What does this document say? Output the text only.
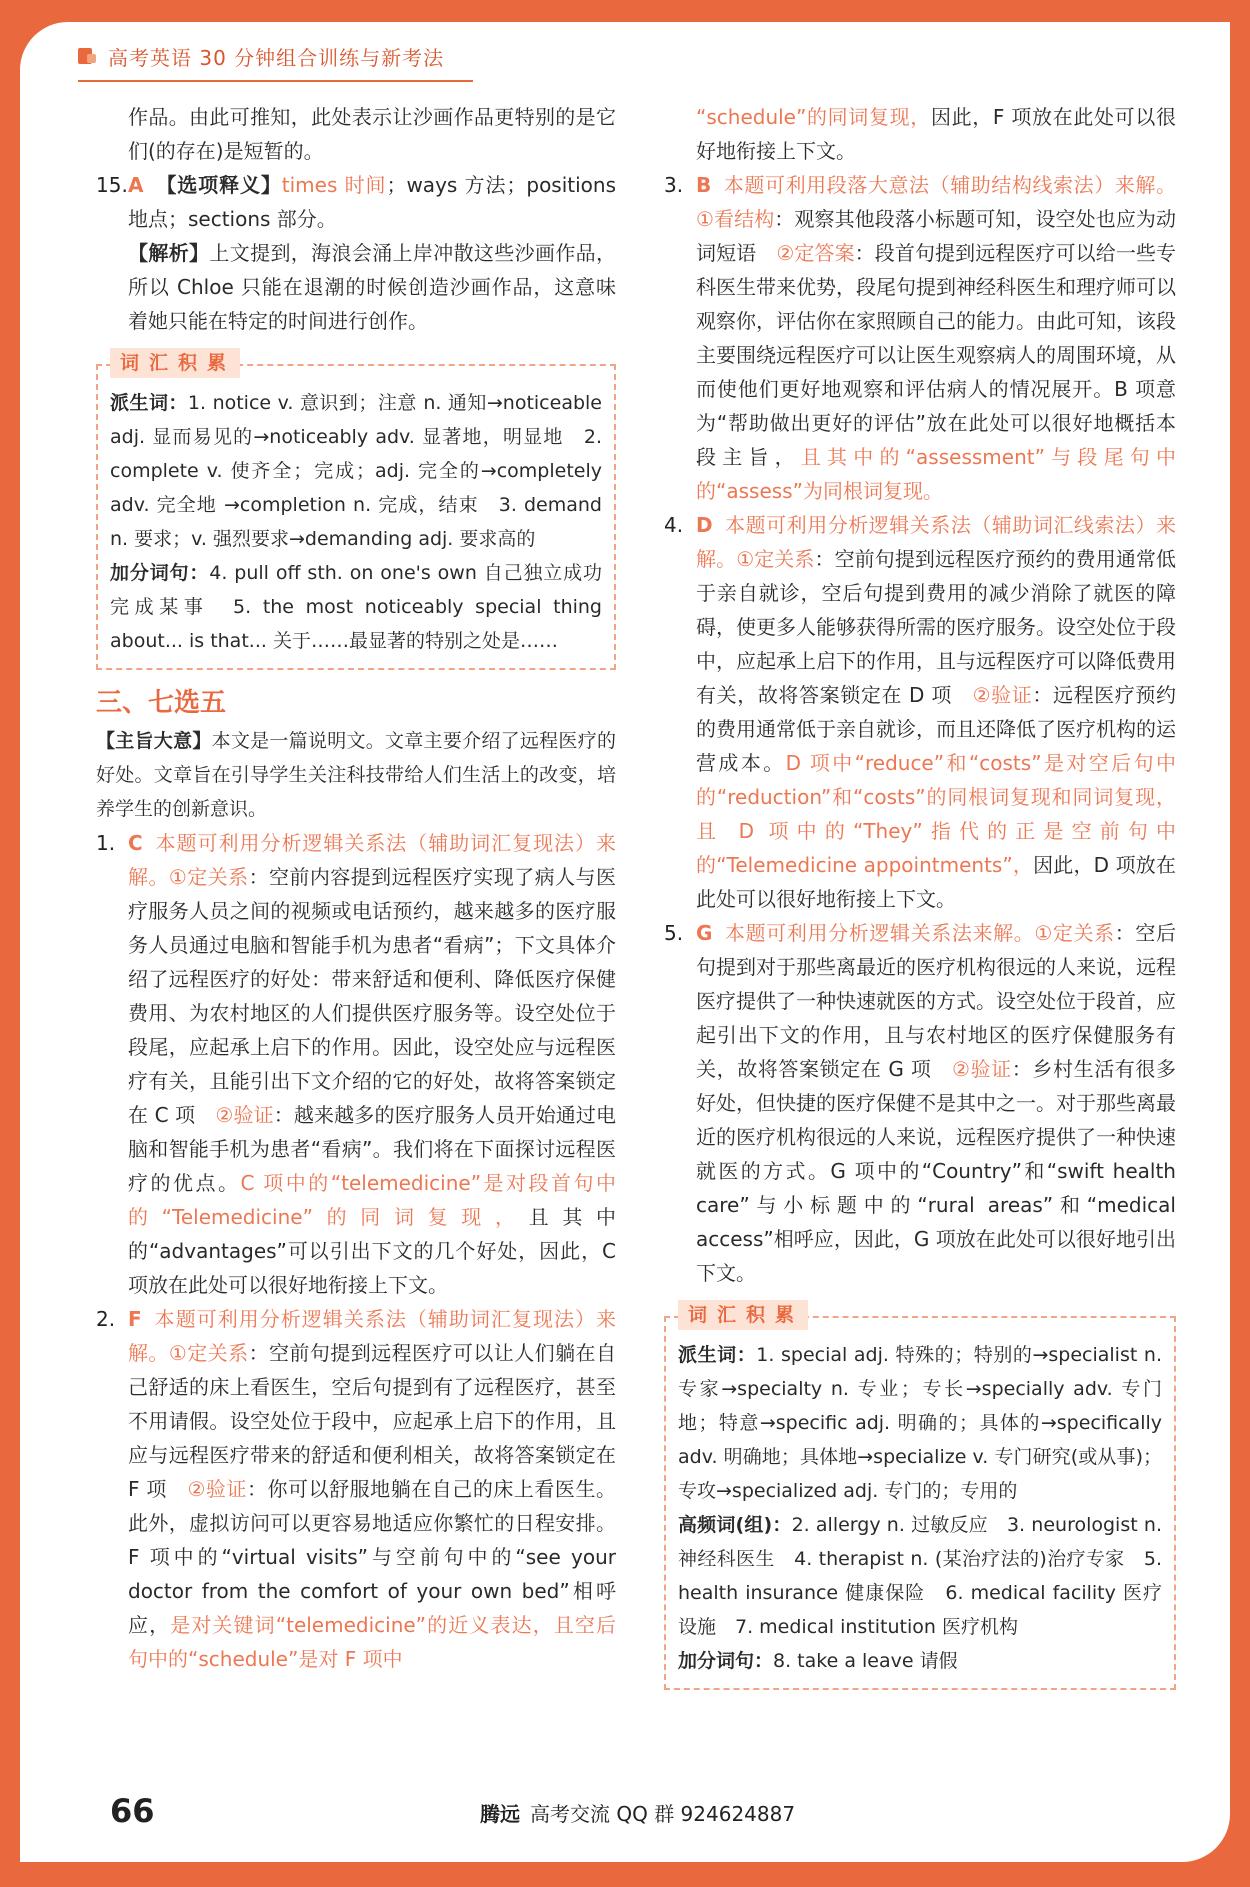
高考英语 30 分钟组合训练与新考法

作品。由此可推知，此处表示让沙画作品更特别的是它们(的存在)是短暂的。

15.A 【选项释义】times 时间；ways 方法；positions 地点；sections 部分。

【解析】上文提到，海浪会涌上岸冲散这些沙画作品，所以 Chloe 只能在退潮的时候创造沙画作品，这意味着她只能在特定的时间进行创作。

词汇积累

派生词：1. notice v. 意识到；注意 n. 通知→noticeable adj. 显而易见的→noticeably adv. 显著地，明显地　2. complete v. 使齐全；完成；adj. 完全的→completely adv. 完全地 →completion n. 完成，结束　3. demand n. 要求；v. 强烈要求→demanding adj. 要求高的

加分词句：4. pull off sth. on one's own 自己独立成功完成某事　5. the most noticeably special thing about... is that... 关于……最显著的特别之处是……

三、七选五

【主旨大意】本文是一篇说明文。文章主要介绍了远程医疗的好处。文章旨在引导学生关注科技带给人们生活上的改变，培养学生的创新意识。

1. C 本题可利用分析逻辑关系法（辅助词汇复现法）来解。①定关系：空前内容提到远程医疗实现了病人与医疗服务人员之间的视频或电话预约，越来越多的医疗服务人员通过电脑和智能手机为患者“看病”；下文具体介绍了远程医疗的好处：带来舒适和便利、降低医疗保健费用、为农村地区的人们提供医疗服务等。设空处位于段尾，应起承上启下的作用。因此，设空处应与远程医疗有关，且能引出下文介绍的它的好处，故将答案锁定在 C 项　 ②验证：越来越多的医疗服务人员开始通过电脑和智能手机为患者“看病”。我们将在下面探讨远程医疗的优点。C 项中的“telemedicine”是对段首句中的“Telemedicine”的同词复现，且其中的“advantages”可以引出下文的几个好处，因此，C 项放在此处可以很好地衔接上下文。

2. F 本题可利用分析逻辑关系法（辅助词汇复现法）来解。①定关系：空前句提到远程医疗可以让人们躺在自己舒适的床上看医生，空后句提到有了远程医疗，甚至不用请假。设空处位于段中，应起承上启下的作用，且应与远程医疗带来的舒适和便利相关，故将答案锁定在 F 项　 ②验证：你可以舒服地躺在自己的床上看医生。此外，虚拟访问可以更容易地适应你繁忙的日程安排。F 项中的“virtual visits”与空前句中的“see your doctor from the comfort of your own bed”相呼应，是对关键词“telemedicine”的近义表达，且空后句中的“schedule”是对 F 项中

“schedule”的同词复现，因此，F 项放在此处可以很好地衔接上下文。

3. B 本题可利用段落大意法（辅助结构线索法）来解。①看结构：观察其他段落小标题可知，设空处也应为动词短语　 ②定答案：段首句提到远程医疗可以给一些专科医生带来优势，段尾句提到神经科医生和理疗师可以观察你，评估你在家照顾自己的能力。由此可知，该段主要围绕远程医疗可以让医生观察病人的周围环境，从而使他们更好地观察和评估病人的情况展开。B 项意为“帮助做出更好的评估”放在此处可以很好地概括本段主旨，且其中的“assessment”与段尾句中的“assess”为同根词复现。

4. D 本题可利用分析逻辑关系法（辅助词汇线索法）来解。①定关系：空前句提到远程医疗预约的费用通常低于亲自就诊，空后句提到费用的减少消除了就医的障碍，使更多人能够获得所需的医疗服务。设空处位于段中，应起承上启下的作用，且与远程医疗可以降低费用有关，故将答案锁定在 D 项　 ②验证：远程医疗预约的费用通常低于亲自就诊，而且还降低了医疗机构的运营成本。D 项中“reduce”和“costs”是对空后句中的“reduction”和“costs”的同根词复现和同词复现，且 D 项中的“They”指代的正是空前句中的“Telemedicine appointments”，因此，D 项放在此处可以很好地衔接上下文。

5. G 本题可利用分析逻辑关系法来解。①定关系：空后句提到对于那些离最近的医疗机构很远的人来说，远程医疗提供了一种快速就医的方式。设空处位于段首，应起引出下文的作用，且与农村地区的医疗保健服务有关，故将答案锁定在 G 项　 ②验证：乡村生活有很多好处，但快捷的医疗保健不是其中之一。对于那些离最近的医疗机构很远的人来说，远程医疗提供了一种快速就医的方式。G 项中的“Country”和“swift health care”与小标题中的“rural areas”和“medical access”相呼应，因此，G 项放在此处可以很好地引出下文。

词汇积累

派生词：1. special adj. 特殊的；特别的→specialist n. 专家→specialty n. 专业；专长→specially adv. 专门地；特意→specific adj. 明确的；具体的→specifically adv. 明确地；具体地→specialize v. 专门研究(或从事)；专攻→specialized adj. 专门的；专用的

高频词(组)：2. allergy n. 过敏反应　3. neurologist n. 神经科医生　4. therapist n. (某治疗法的)治疗专家　5. health insurance 健康保险　6. medical facility 医疗设施　7. medical institution 医疗机构

加分词句：8. take a leave 请假

66	腾远 高考交流 QQ 群 924624887
